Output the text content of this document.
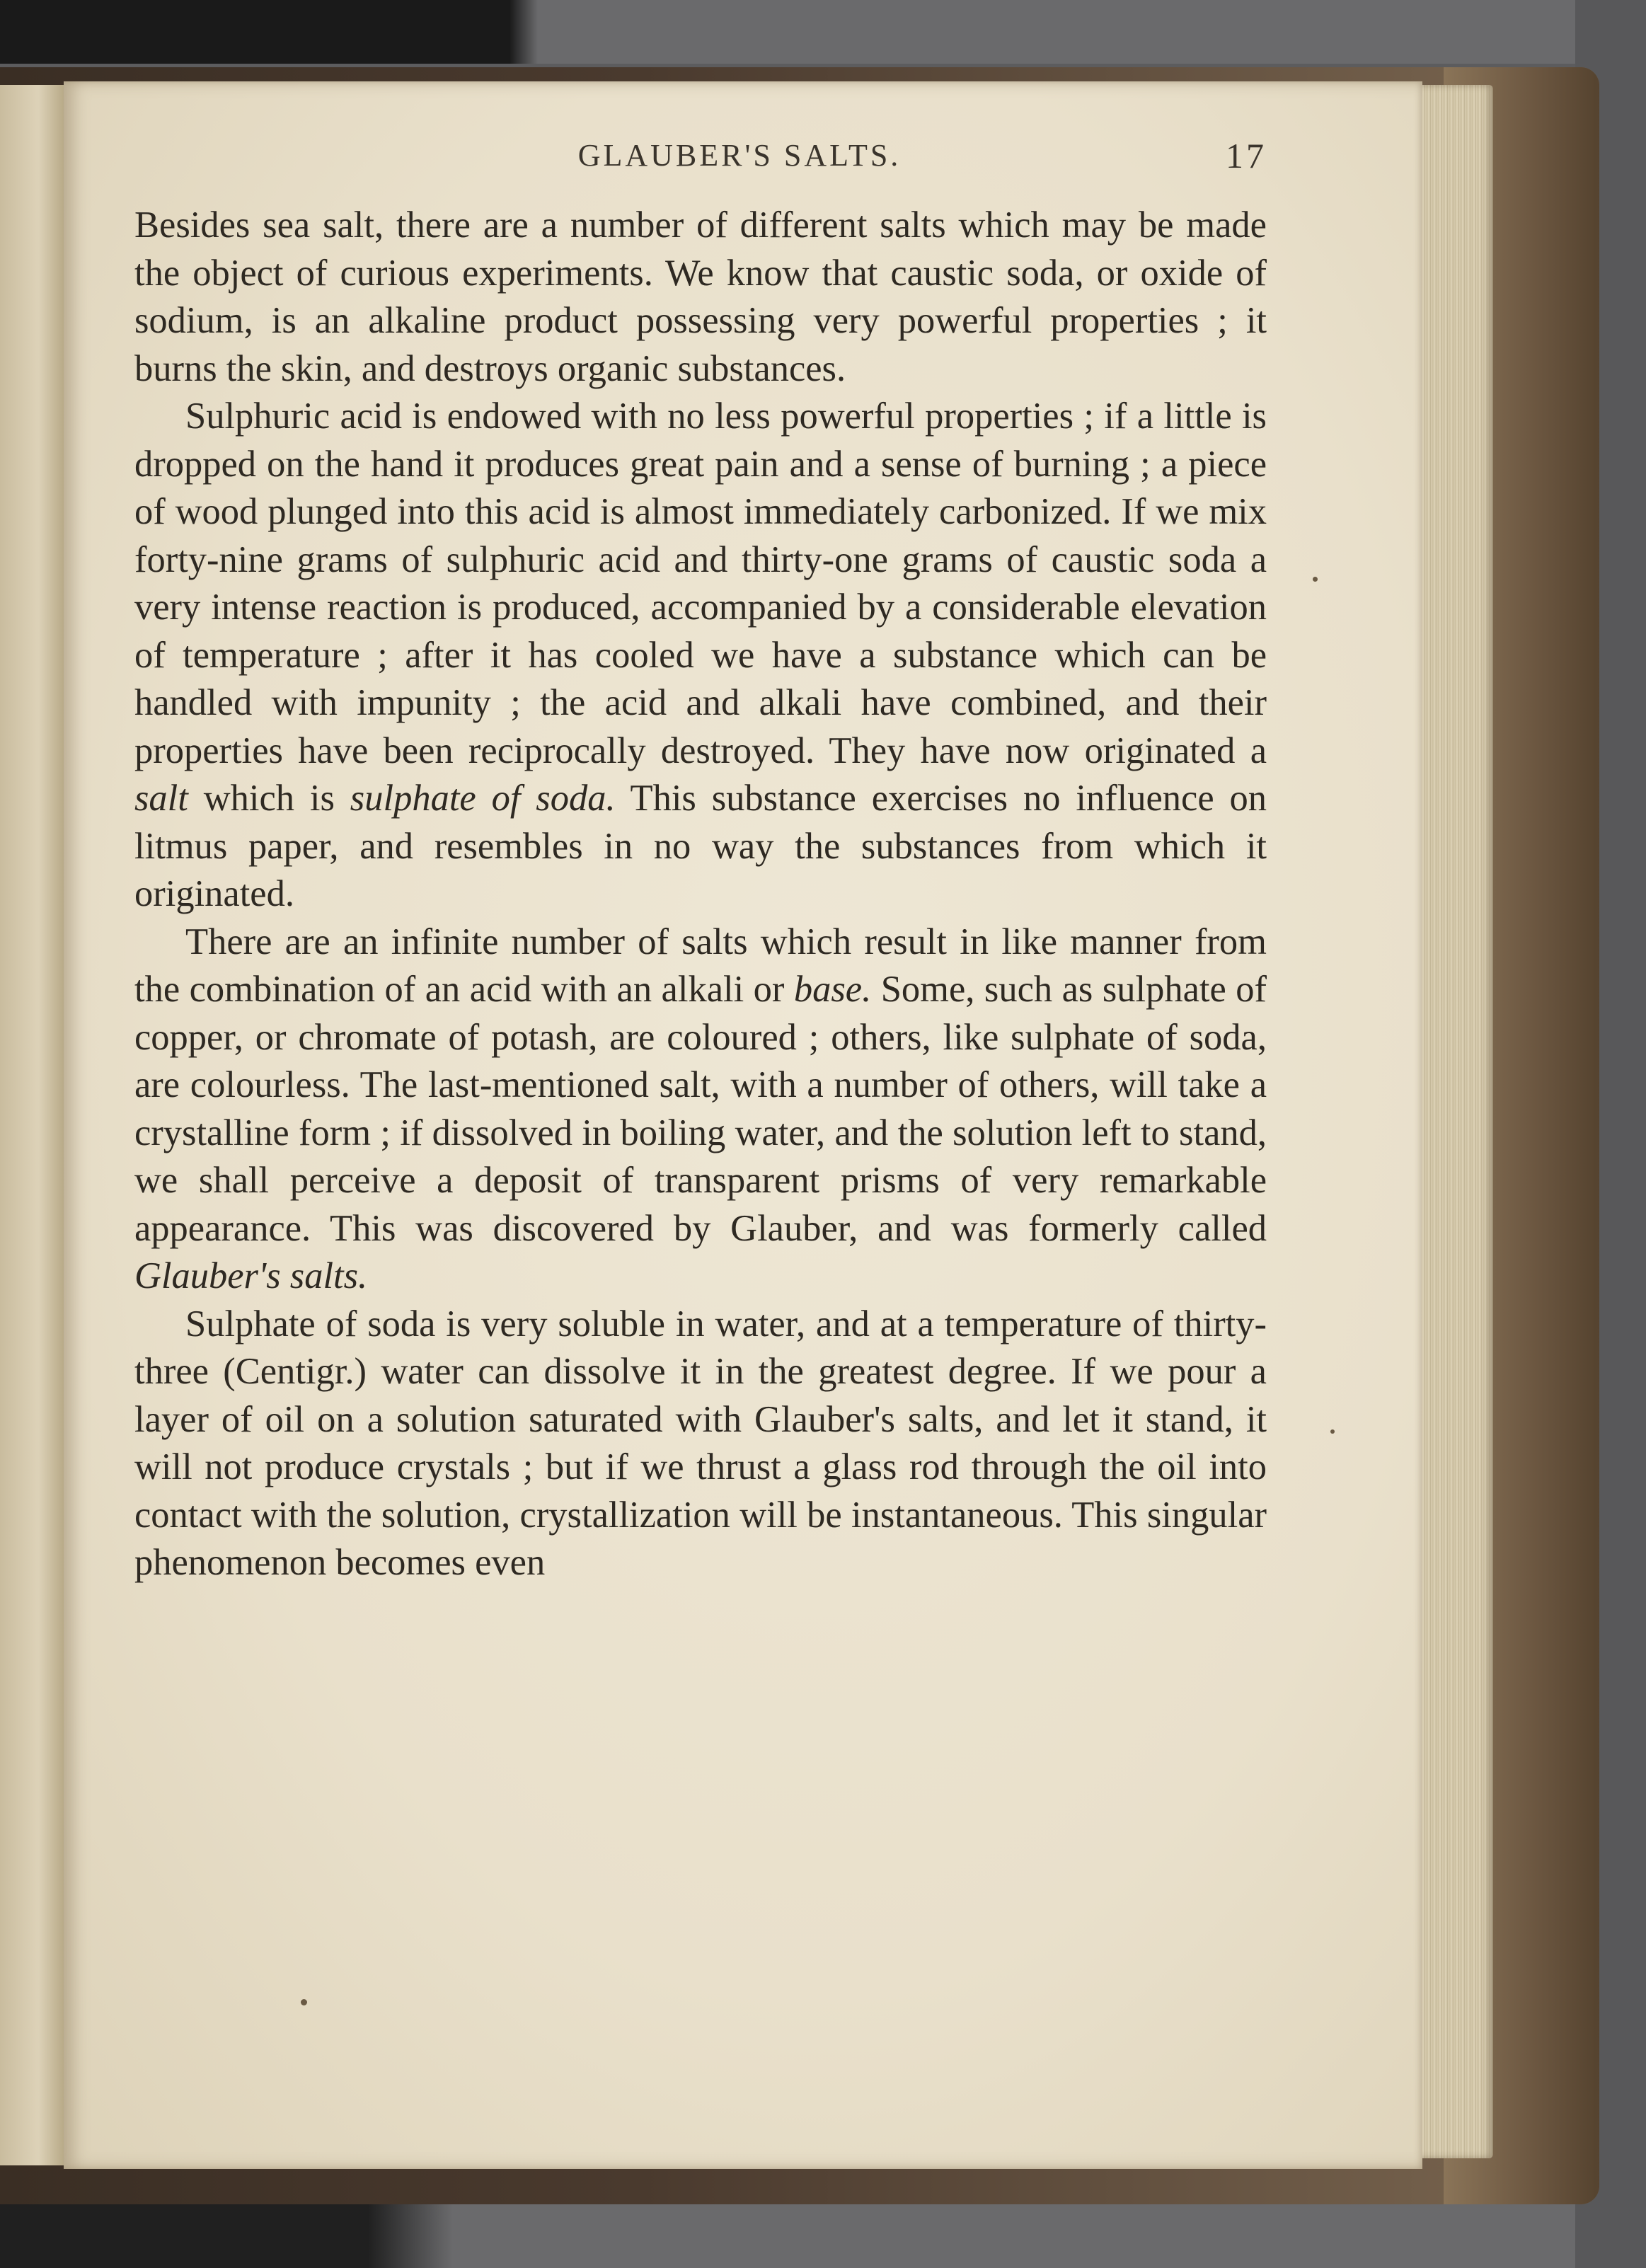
GLAUBER'S SALTS.	17

Besides sea salt, there are a number of different salts which may be made the object of curious experiments. We know that caustic soda, or oxide of sodium, is an alkaline product possessing very powerful properties ; it burns the skin, and destroys organic substances.

Sulphuric acid is endowed with no less powerful properties ; if a little is dropped on the hand it produces great pain and a sense of burning ; a piece of wood plunged into this acid is almost immediately carbonized. If we mix forty-nine grams of sulphuric acid and thirty-one grams of caustic soda a very intense reaction is produced, accompanied by a considerable elevation of temperature ; after it has cooled we have a substance which can be handled with impunity ; the acid and alkali have combined, and their properties have been reciprocally destroyed. They have now originated a salt which is sulphate of soda. This substance exercises no influence on litmus paper, and resembles in no way the substances from which it originated.

There are an infinite number of salts which result in like manner from the combination of an acid with an alkali or base. Some, such as sulphate of copper, or chromate of potash, are coloured ; others, like sulphate of soda, are colourless. The last-mentioned salt, with a number of others, will take a crystalline form ; if dissolved in boiling water, and the solution left to stand, we shall perceive a deposit of transparent prisms of very remarkable appearance. This was discovered by Glauber, and was formerly called Glauber's salts.

Sulphate of soda is very soluble in water, and at a temperature of thirty-three (Centigr.) water can dissolve it in the greatest degree. If we pour a layer of oil on a solution saturated with Glauber's salts, and let it stand, it will not produce crystals ; but if we thrust a glass rod through the oil into contact with the solution, crystallization will be instantaneous. This singular phenomenon becomes even
